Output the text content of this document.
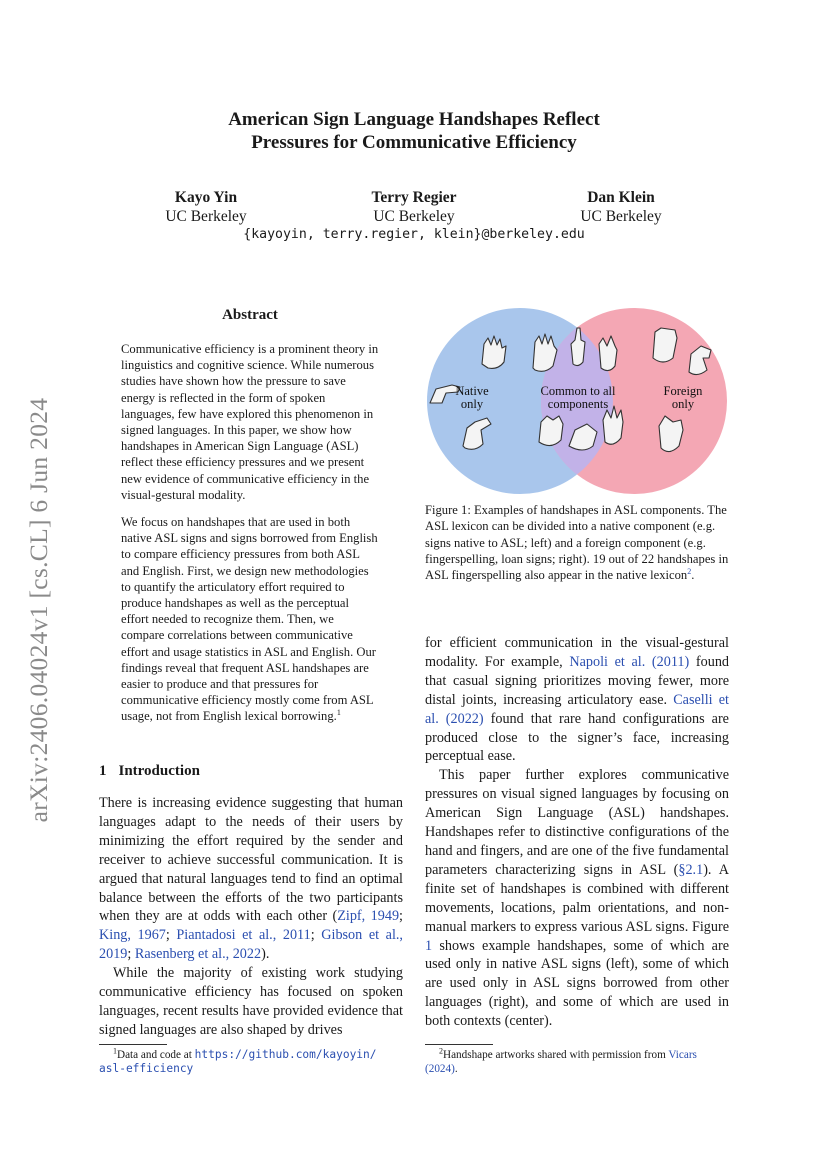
arXiv:2406.04024v1 [cs.CL] 6 Jun 2024
American Sign Language Handshapes Reflect
Pressures for Communicative Efficiency
Kayo Yin
UC Berkeley
Terry Regier
UC Berkeley
Dan Klein
UC Berkeley
{kayoyin, terry.regier, klein}@berkeley.edu
Abstract
Communicative efficiency is a prominent theory in linguistics and cognitive science. While numerous studies have shown how the pressure to save energy is reflected in the form of spoken languages, few have explored this phenomenon in signed languages. In this paper, we show how handshapes in American Sign Language (ASL) reflect these efficiency pressures and we present new evidence of communicative efficiency in the visual-gestural modality.
We focus on handshapes that are used in both native ASL signs and signs borrowed from English to compare efficiency pressures from both ASL and English. First, we design new methodologies to quantify the articulatory effort required to produce handshapes as well as the perceptual effort needed to recognize them. Then, we compare correlations between communicative effort and usage statistics in ASL and English. Our findings reveal that frequent ASL handshapes are easier to produce and that pressures for communicative efficiency mostly come from ASL usage, not from English lexical borrowing.$^1$
1 Introduction

There is increasing evidence suggesting that human languages adapt to the needs of their users by minimizing the effort required by the sender and receiver to achieve successful communication. It is argued that natural languages tend to find an optimal balance between the efforts of the two participants when they are at odds with each other (Zipf, 1949; King, 1967; Piantadosi et al., 2011; Gibson et al., 2019; Rasenberg et al., 2022).

While the majority of existing work studying communicative efficiency has focused on spoken languages, recent results have provided evidence that signed languages are also shaped by drives

$^1$Data and code at https://github.com/kayoyin/
asl-efficiency
Native
only
Common to all
components
Foreign
only
Figure 1: Examples of handshapes in ASL components. The ASL lexicon can be divided into a native component (e.g. signs native to ASL; left) and a foreign component (e.g. fingerspelling, loan signs; right). 19 out of 22 handshapes in ASL fingerspelling also appear in the native lexicon$^2$.

for efficient communication in the visual-gestural modality. For example, Napoli et al. (2011) found that casual signing prioritizes moving fewer, more distal joints, increasing articulatory ease. Caselli et al. (2022) found that rare hand configurations are produced close to the signer’s face, increasing perceptual ease.

This paper further explores communicative pressures on visual signed languages by focusing on American Sign Language (ASL) handshapes. Handshapes refer to distinctive configurations of the hand and fingers, and are one of the five fundamental parameters characterizing signs in ASL (§2.1). A finite set of handshapes is combined with different movements, locations, palm orientations, and non-manual markers to express various ASL signs. Figure 1 shows example handshapes, some of which are used only in native ASL signs (left), some of which are used only in ASL signs borrowed from other languages (right), and some of which are used in both contexts (center).

$^2$Handshape artworks shared with permission from Vicars (2024).
